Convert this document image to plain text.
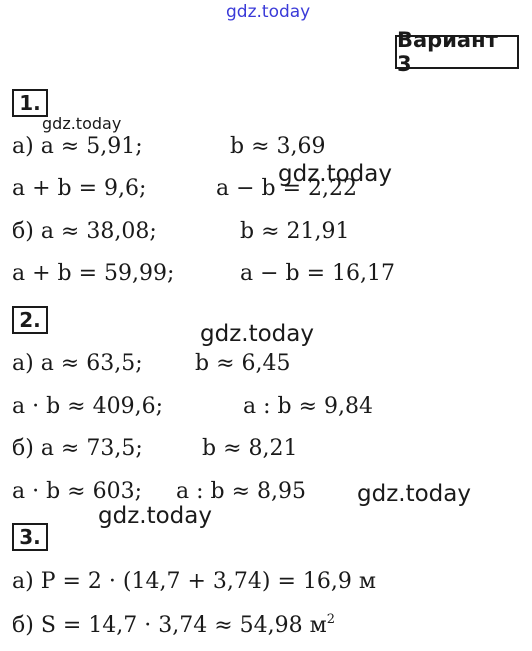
gdz.today
gdz.today
gdz.today
gdz.today
gdz.today
gdz.today
Вариант 3
1.
а) a ≈ 5,91;	b ≈ 3,69
a + b = 9,6;	a − b = 2,22
б) a ≈ 38,08;	b ≈ 21,91
a + b = 59,99;	a − b = 16,17
2.
а) a ≈ 63,5; b ≈ 6,45
a · b ≈ 409,6;	a : b ≈ 9,84
б) a ≈ 73,5;	b ≈ 8,21
a · b ≈ 603; a : b ≈ 8,95
3.
а) P = 2 · (14,7 + 3,74) = 16,9 м
б) S = 14,7 · 3,74 ≈ 54,98 $м^2$
